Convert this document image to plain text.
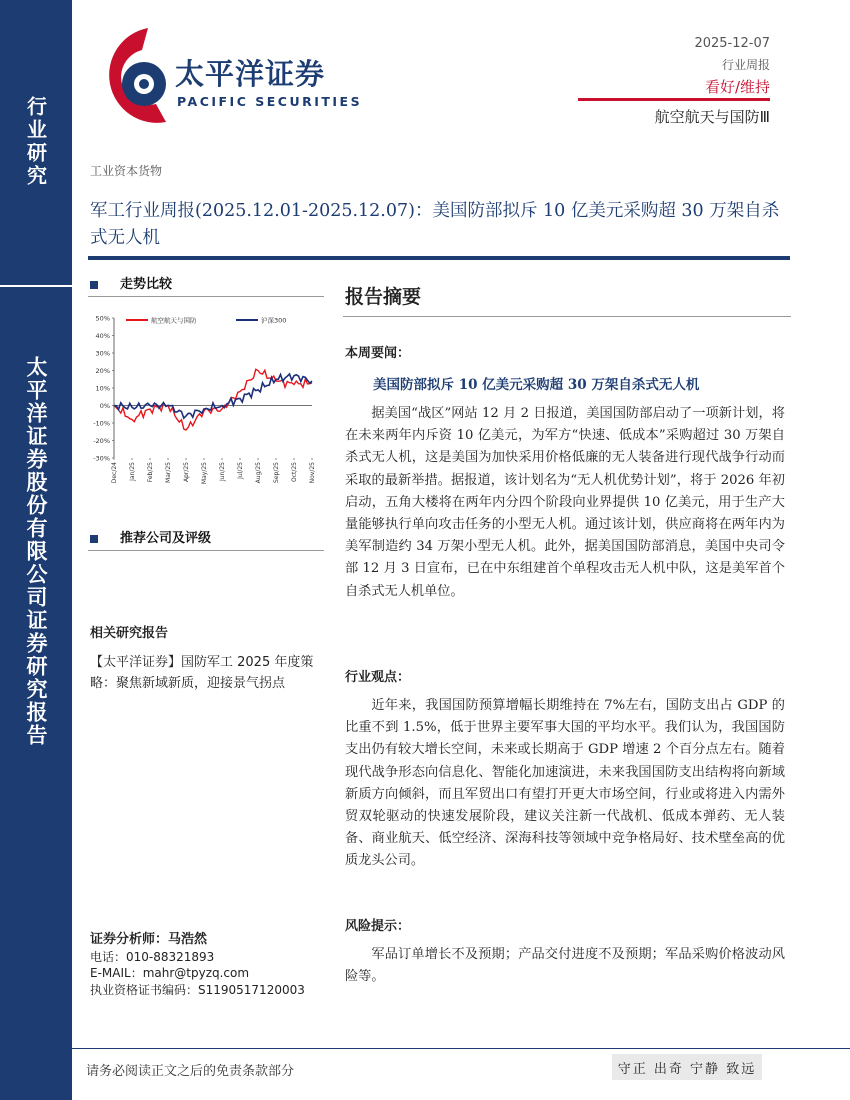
行业研究
太平洋证券股份有限公司证券研究报告
太平洋证券
PACIFIC SECURITIES
2025-12-07
行业周报
看好/维持
航空航天与国防Ⅲ
工业资本货物
军工行业周报(2025.12.01-2025.12.07)：美国防部拟斥 10 亿美元采购超 30 万架自杀式无人机
走势比较
50%
40%
30%
20%
10%
0%
-10%
-20%
-30%
Dec/24 Jan/25 Feb/25 Mar/25 Apr/25 May/25 Jun/25 Jul/25 Aug/25 Sep/25 Oct/25 Nov/25
航空航天与国防	沪深300
推荐公司及评级
相关研究报告
【太平洋证券】国防军工 2025 年度策略：聚焦新域新质，迎接景气拐点
证券分析师：马浩然
电话：010-88321893
E-MAIL：mahr@tpyzq.com
执业资格证书编码：S1190517120003
报告摘要
本周要闻：
美国防部拟斥 10 亿美元采购超 30 万架自杀式无人机
据美国“战区”网站 12 月 2 日报道，美国国防部启动了一项新计划，将在未来两年内斥资 10 亿美元，为军方“快速、低成本”采购超过 30 万架自杀式无人机，这是美国为加快采用价格低廉的无人装备进行现代战争行动而采取的最新举措。据报道，该计划名为“无人机优势计划”，将于 2026 年初启动，五角大楼将在两年内分四个阶段向业界提供 10 亿美元，用于生产大量能够执行单向攻击任务的小型无人机。通过该计划，供应商将在两年内为美军制造约 34 万架小型无人机。此外，据美国国防部消息，美国中央司令部 12 月 3 日宣布，已在中东组建首个单程攻击无人机中队，这是美军首个自杀式无人机单位。
行业观点：
近年来，我国国防预算增幅长期维持在 7%左右，国防支出占 GDP 的比重不到 1.5%，低于世界主要军事大国的平均水平。我们认为，我国国防支出仍有较大增长空间，未来或长期高于 GDP 增速 2 个百分点左右。随着现代战争形态向信息化、智能化加速演进，未来我国国防支出结构将向新域新质方向倾斜，而且军贸出口有望打开更大市场空间，行业或将进入内需外贸双轮驱动的快速发展阶段，建议关注新一代战机、低成本弹药、无人装备、商业航天、低空经济、深海科技等领域中竞争格局好、技术壁垒高的优质龙头公司。
风险提示：
军品订单增长不及预期；产品交付进度不及预期；军品采购价格波动风险等。
请务必阅读正文之后的免责条款部分	守正 出奇 宁静 致远
